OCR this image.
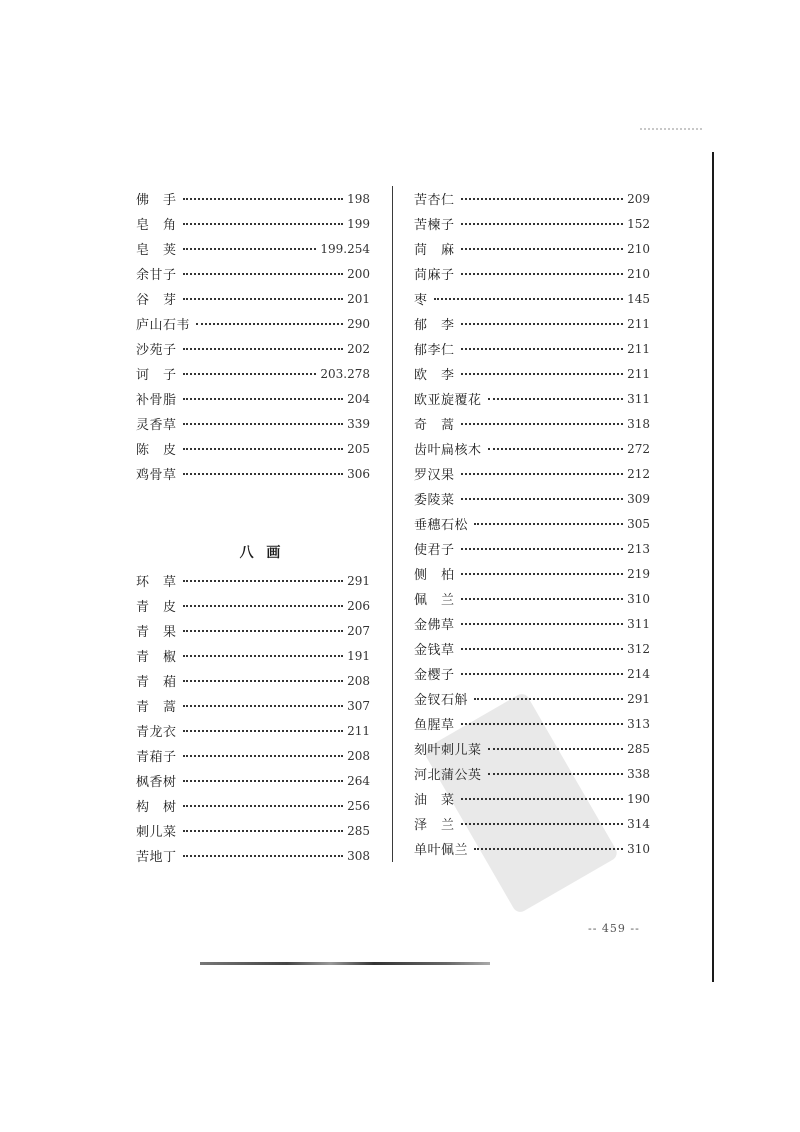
佛　手	198
皂　角	199
皂　荚	199.254
余甘子	200
谷　芽	201
庐山石韦	290
沙苑子	202
诃　子	203.278
补骨脂	204
灵香草	339
陈　皮	205
鸡骨草	306
八 画
环　草	291
青　皮	206
青　果	207
青　椒	191
青　葙	208
青　蒿	307
青龙衣	211
青葙子	208
枫香树	264
构　树	256
刺儿菜	285
苦地丁	308
苦杏仁	209
苦楝子	152
苘　麻	210
苘麻子	210
枣	145
郁　李	211
郁李仁	211
欧　李	211
欧亚旋覆花	311
奇　蒿	318
齿叶扁核木	272
罗汉果	212
委陵菜	309
垂穗石松	305
使君子	213
侧　柏	219
佩　兰	310
金佛草	311
金钱草	312
金樱子	214
金钗石斛	291
鱼腥草	313
刻叶刺儿菜	285
河北蒲公英	338
油　菜	190
泽　兰	314
单叶佩兰	310
-- 459 --
